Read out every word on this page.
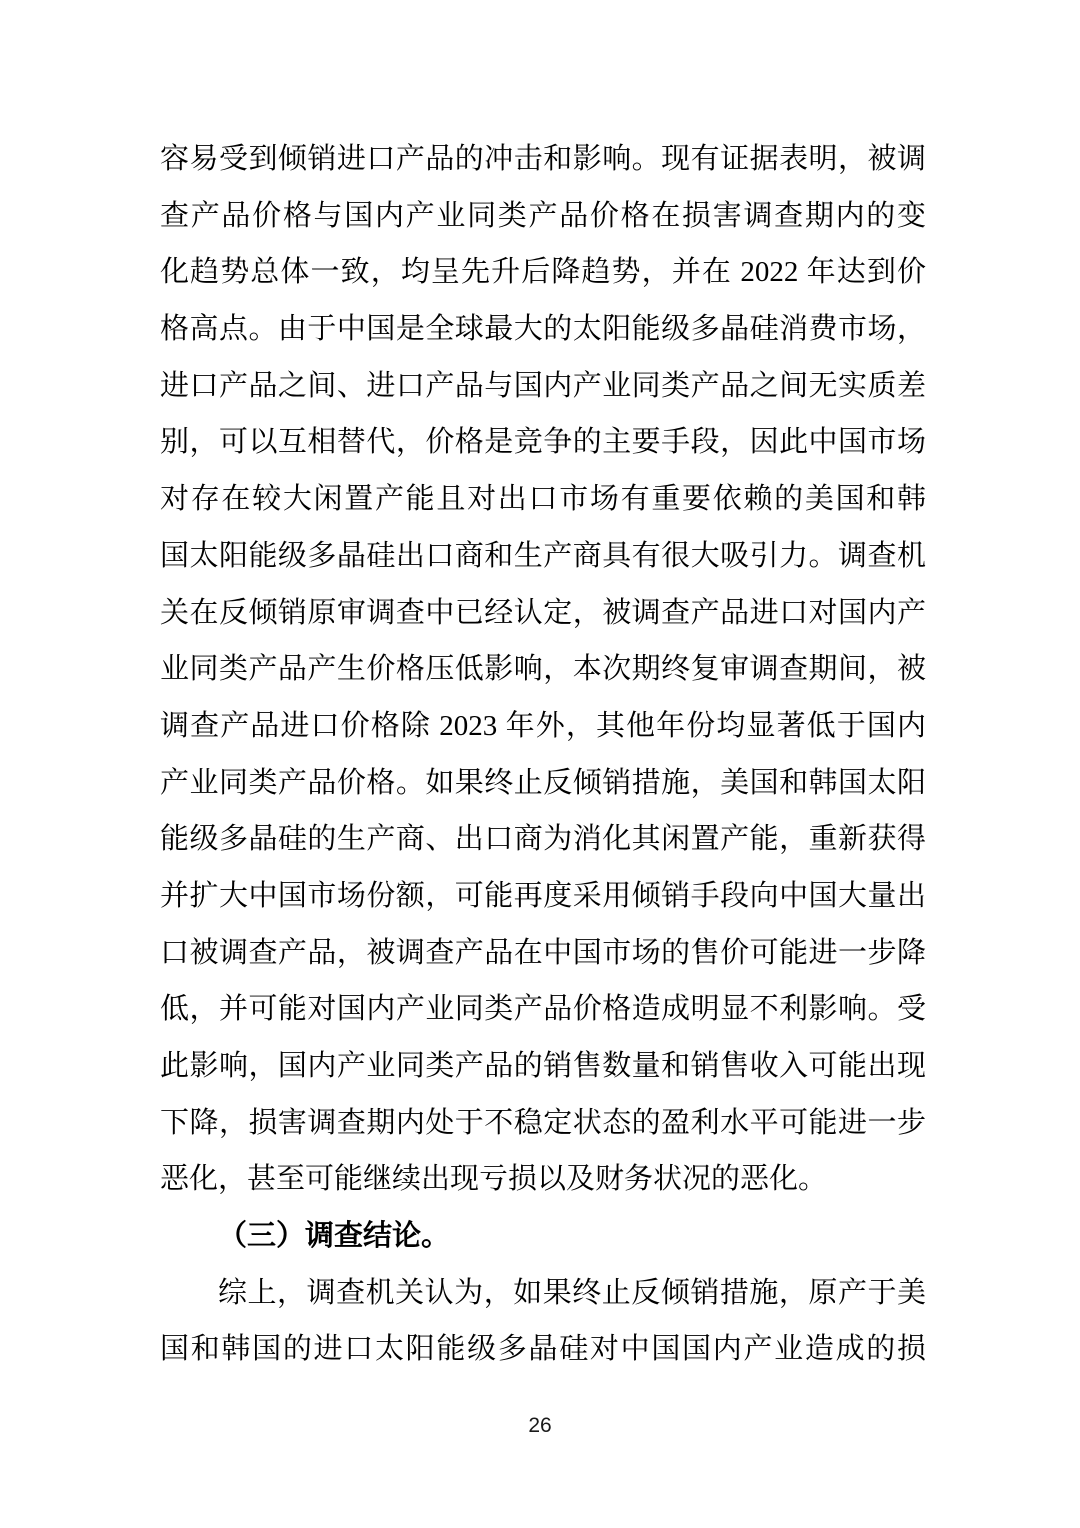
容易受到倾销进口产品的冲击和影响。现有证据表明，被调
查产品价格与国内产业同类产品价格在损害调查期内的变
化趋势总体一致，均呈先升后降趋势，并在 2022 年达到价
格高点。由于中国是全球最大的太阳能级多晶硅消费市场，
进口产品之间、进口产品与国内产业同类产品之间无实质差
别，可以互相替代，价格是竞争的主要手段，因此中国市场
对存在较大闲置产能且对出口市场有重要依赖的美国和韩
国太阳能级多晶硅出口商和生产商具有很大吸引力。调查机
关在反倾销原审调查中已经认定，被调查产品进口对国内产
业同类产品产生价格压低影响，本次期终复审调查期间，被
调查产品进口价格除 2023 年外，其他年份均显著低于国内
产业同类产品价格。如果终止反倾销措施，美国和韩国太阳
能级多晶硅的生产商、出口商为消化其闲置产能，重新获得
并扩大中国市场份额，可能再度采用倾销手段向中国大量出
口被调查产品，被调查产品在中国市场的售价可能进一步降
低，并可能对国内产业同类产品价格造成明显不利影响。受
此影响，国内产业同类产品的销售数量和销售收入可能出现
下降，损害调查期内处于不稳定状态的盈利水平可能进一步
恶化，甚至可能继续出现亏损以及财务状况的恶化。
（三）调查结论。
综上，调查机关认为，如果终止反倾销措施，原产于美
国和韩国的进口太阳能级多晶硅对中国国内产业造成的损
26
